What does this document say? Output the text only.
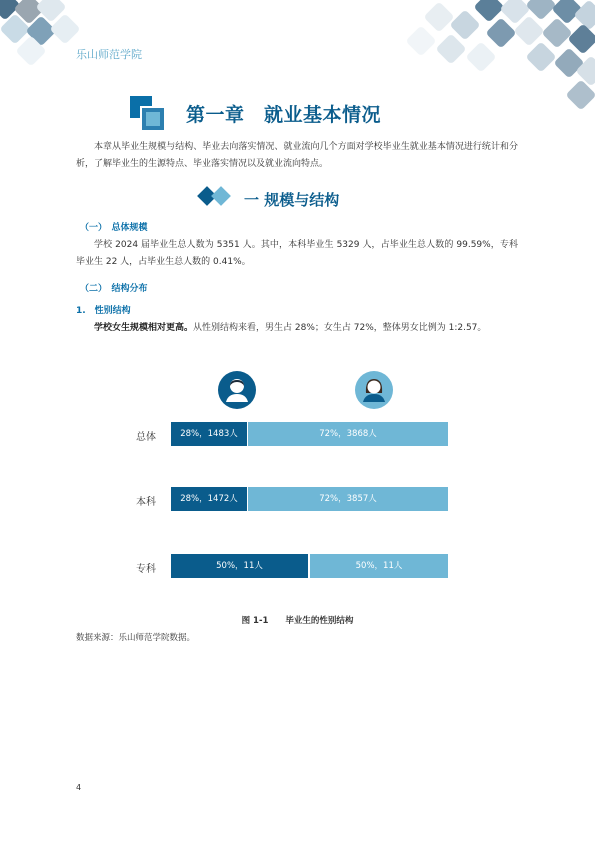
乐山师范学院
第一章　就业基本情况
本章从毕业生规模与结构、毕业去向落实情况、就业流向几个方面对学校毕业生就业基本情况进行统计和分析，了解毕业生的生源特点、毕业落实情况以及就业流向特点。
一 规模与结构
（一）　总体规模
学校 2024 届毕业生总人数为 5351 人。其中，本科毕业生 5329 人，占毕业生总人数的 99.59%，专科毕业生 22 人，占毕业生总人数的 0.41%。
（二）　结构分布
1.　性别结构
学校女生规模相对更高。从性别结构来看，男生占 28%；女生占 72%，整体男女比例为 1:2.57。
总体	28%，1483人	72%，3868人
本科	28%，1472人	72%，3857人
专科	50%，11人	50%，11人
图 1-1　　毕业生的性别结构
数据来源：乐山师范学院数据。
4
